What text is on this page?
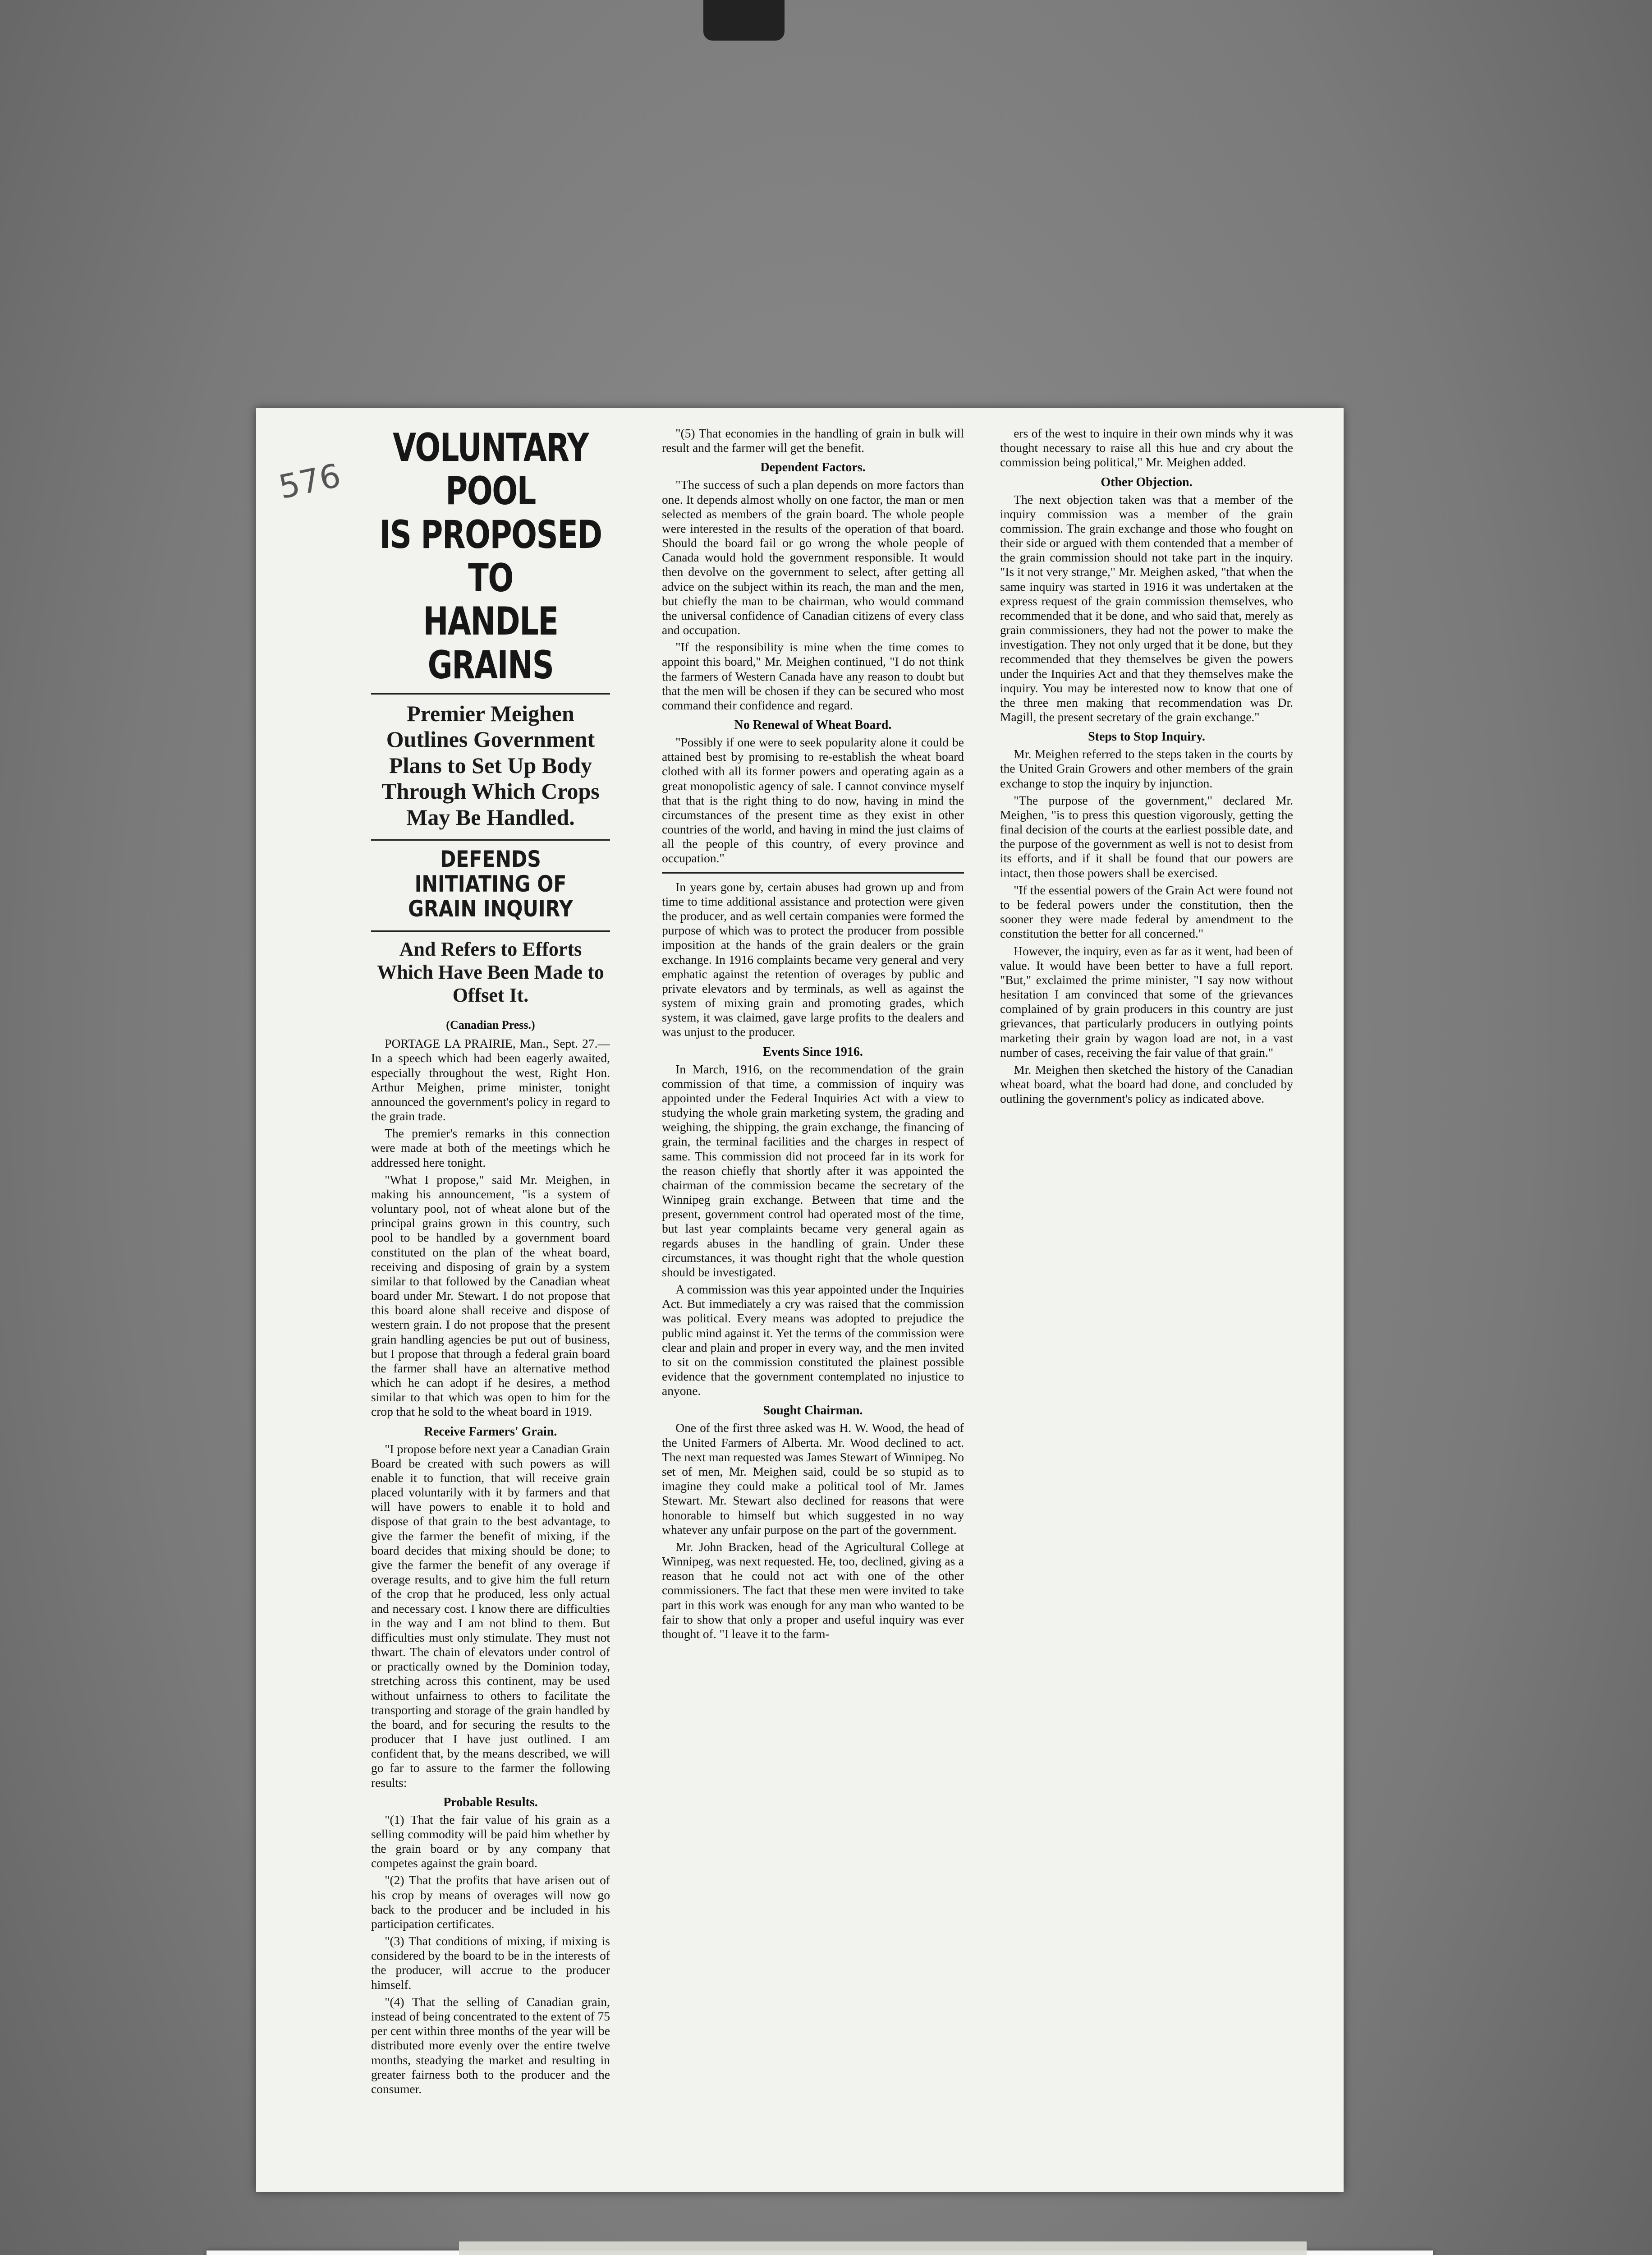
576
VOLUNTARY POOL
IS PROPOSED TO
HANDLE GRAINS
Premier Meighen Outlines Government Plans to Set Up Body Through Which Crops May Be Handled.
DEFENDS INITIATING OF GRAIN INQUIRY
And Refers to Efforts Which Have Been Made to Offset It.
(Canadian Press.)

PORTAGE LA PRAIRIE, Man., Sept. 27.—In a speech which had been eagerly awaited, especially throughout the west, Right Hon. Arthur Meighen, prime minister, tonight announced the government's policy in regard to the grain trade.

The premier's remarks in this connection were made at both of the meetings which he addressed here tonight.

"What I propose," said Mr. Meighen, in making his announcement, "is a system of voluntary pool, not of wheat alone but of the principal grains grown in this country, such pool to be handled by a government board constituted on the plan of the wheat board, receiving and disposing of grain by a system similar to that followed by the Canadian wheat board under Mr. Stewart. I do not propose that this board alone shall receive and dispose of western grain. I do not propose that the present grain handling agencies be put out of business, but I propose that through a federal grain board the farmer shall have an alternative method which he can adopt if he desires, a method similar to that which was open to him for the crop that he sold to the wheat board in 1919.

Receive Farmers' Grain.

"I propose before next year a Canadian Grain Board be created with such powers as will enable it to function, that will receive grain placed voluntarily with it by farmers and that will have powers to enable it to hold and dispose of that grain to the best advantage, to give the farmer the benefit of mixing, if the board decides that mixing should be done; to give the farmer the benefit of any overage if overage results, and to give him the full return of the crop that he produced, less only actual and necessary cost. I know there are difficulties in the way and I am not blind to them. But difficulties must only stimulate. They must not thwart. The chain of elevators under control of or practically owned by the Dominion today, stretching across this continent, may be used without unfairness to others to facilitate the transporting and storage of the grain handled by the board, and for securing the results to the producer that I have just outlined. I am confident that, by the means described, we will go far to assure to the farmer the following results:

Probable Results.

"(1) That the fair value of his grain as a selling commodity will be paid him whether by the grain board or by any company that competes against the grain board.

"(2) That the profits that have arisen out of his crop by means of overages will now go back to the producer and be included in his participation certificates.

"(3) That conditions of mixing, if mixing is considered by the board to be in the interests of the producer, will accrue to the producer himself.

"(4) That the selling of Canadian grain, instead of being concentrated to the extent of 75 per cent within three months of the year will be distributed more evenly over the entire twelve months, steadying the market and resulting in greater fairness both to the producer and the consumer.

"(5) That economies in the handling of grain in bulk will result and the farmer will get the benefit.

Dependent Factors.

"The success of such a plan depends on more factors than one. It depends almost wholly on one factor, the man or men selected as members of the grain board. The whole people were interested in the results of the operation of that board. Should the board fail or go wrong the whole people of Canada would hold the government responsible. It would then devolve on the government to select, after getting all advice on the subject within its reach, the man and the men, but chiefly the man to be chairman, who would command the universal confidence of Canadian citizens of every class and occupation.

"If the responsibility is mine when the time comes to appoint this board," Mr. Meighen continued, "I do not think the farmers of Western Canada have any reason to doubt but that the men will be chosen if they can be secured who most command their confidence and regard.

No Renewal of Wheat Board.

"Possibly if one were to seek popularity alone it could be attained best by promising to re-establish the wheat board clothed with all its former powers and operating again as a great monopolistic agency of sale. I cannot convince myself that that is the right thing to do now, having in mind the circumstances of the present time as they exist in other countries of the world, and having in mind the just claims of all the people of this country, of every province and occupation."

In years gone by, certain abuses had grown up and from time to time additional assistance and protection were given the producer, and as well certain companies were formed the purpose of which was to protect the producer from possible imposition at the hands of the grain dealers or the grain exchange. In 1916 complaints became very general and very emphatic against the retention of overages by public and private elevators and by terminals, as well as against the system of mixing grain and promoting grades, which system, it was claimed, gave large profits to the dealers and was unjust to the producer.

Events Since 1916.

In March, 1916, on the recommendation of the grain commission of that time, a commission of inquiry was appointed under the Federal Inquiries Act with a view to studying the whole grain marketing system, the grading and weighing, the shipping, the grain exchange, the financing of grain, the terminal facilities and the charges in respect of same. This commission did not proceed far in its work for the reason chiefly that shortly after it was appointed the chairman of the commission became the secretary of the Winnipeg grain exchange. Between that time and the present, government control had operated most of the time, but last year complaints became very general again as regards abuses in the handling of grain. Under these circumstances, it was thought right that the whole question should be investigated.

A commission was this year appointed under the Inquiries Act. But immediately a cry was raised that the commission was political. Every means was adopted to prejudice the public mind against it. Yet the terms of the commission were clear and plain and proper in every way, and the men invited to sit on the commission constituted the plainest possible evidence that the government contemplated no injustice to anyone.

Sought Chairman.

One of the first three asked was H. W. Wood, the head of the United Farmers of Alberta. Mr. Wood declined to act. The next man requested was James Stewart of Winnipeg. No set of men, Mr. Meighen said, could be so stupid as to imagine they could make a political tool of Mr. James Stewart. Mr. Stewart also declined for reasons that were honorable to himself but which suggested in no way whatever any unfair purpose on the part of the government.

Mr. John Bracken, head of the Agricultural College at Winnipeg, was next requested. He, too, declined, giving as a reason that he could not act with one of the other commissioners. The fact that these men were invited to take part in this work was enough for any man who wanted to be fair to show that only a proper and useful inquiry was ever thought of. "I leave it to the farm-

ers of the west to inquire in their own minds why it was thought necessary to raise all this hue and cry about the commission being political," Mr. Meighen added.

Other Objection.

The next objection taken was that a member of the inquiry commission was a member of the grain commission. The grain exchange and those who fought on their side or argued with them contended that a member of the grain commission should not take part in the inquiry. "Is it not very strange," Mr. Meighen asked, "that when the same inquiry was started in 1916 it was undertaken at the express request of the grain commission themselves, who recommended that it be done, and who said that, merely as grain commissioners, they had not the power to make the investigation. They not only urged that it be done, but they recommended that they themselves be given the powers under the Inquiries Act and that they themselves make the inquiry. You may be interested now to know that one of the three men making that recommendation was Dr. Magill, the present secretary of the grain exchange."

Steps to Stop Inquiry.

Mr. Meighen referred to the steps taken in the courts by the United Grain Growers and other members of the grain exchange to stop the inquiry by injunction.

"The purpose of the government," declared Mr. Meighen, "is to press this question vigorously, getting the final decision of the courts at the earliest possible date, and the purpose of the government as well is not to desist from its efforts, and if it shall be found that our powers are intact, then those powers shall be exercised.

"If the essential powers of the Grain Act were found not to be federal powers under the constitution, then the sooner they were made federal by amendment to the constitution the better for all concerned."

However, the inquiry, even as far as it went, had been of value. It would have been better to have a full report. "But," exclaimed the prime minister, "I say now without hesitation I am convinced that some of the grievances complained of by grain producers in this country are just grievances, that particularly producers in outlying points marketing their grain by wagon load are not, in a vast number of cases, receiving the fair value of that grain."

Mr. Meighen then sketched the history of the Canadian wheat board, what the board had done, and concluded by outlining the government's policy as indicated above.
